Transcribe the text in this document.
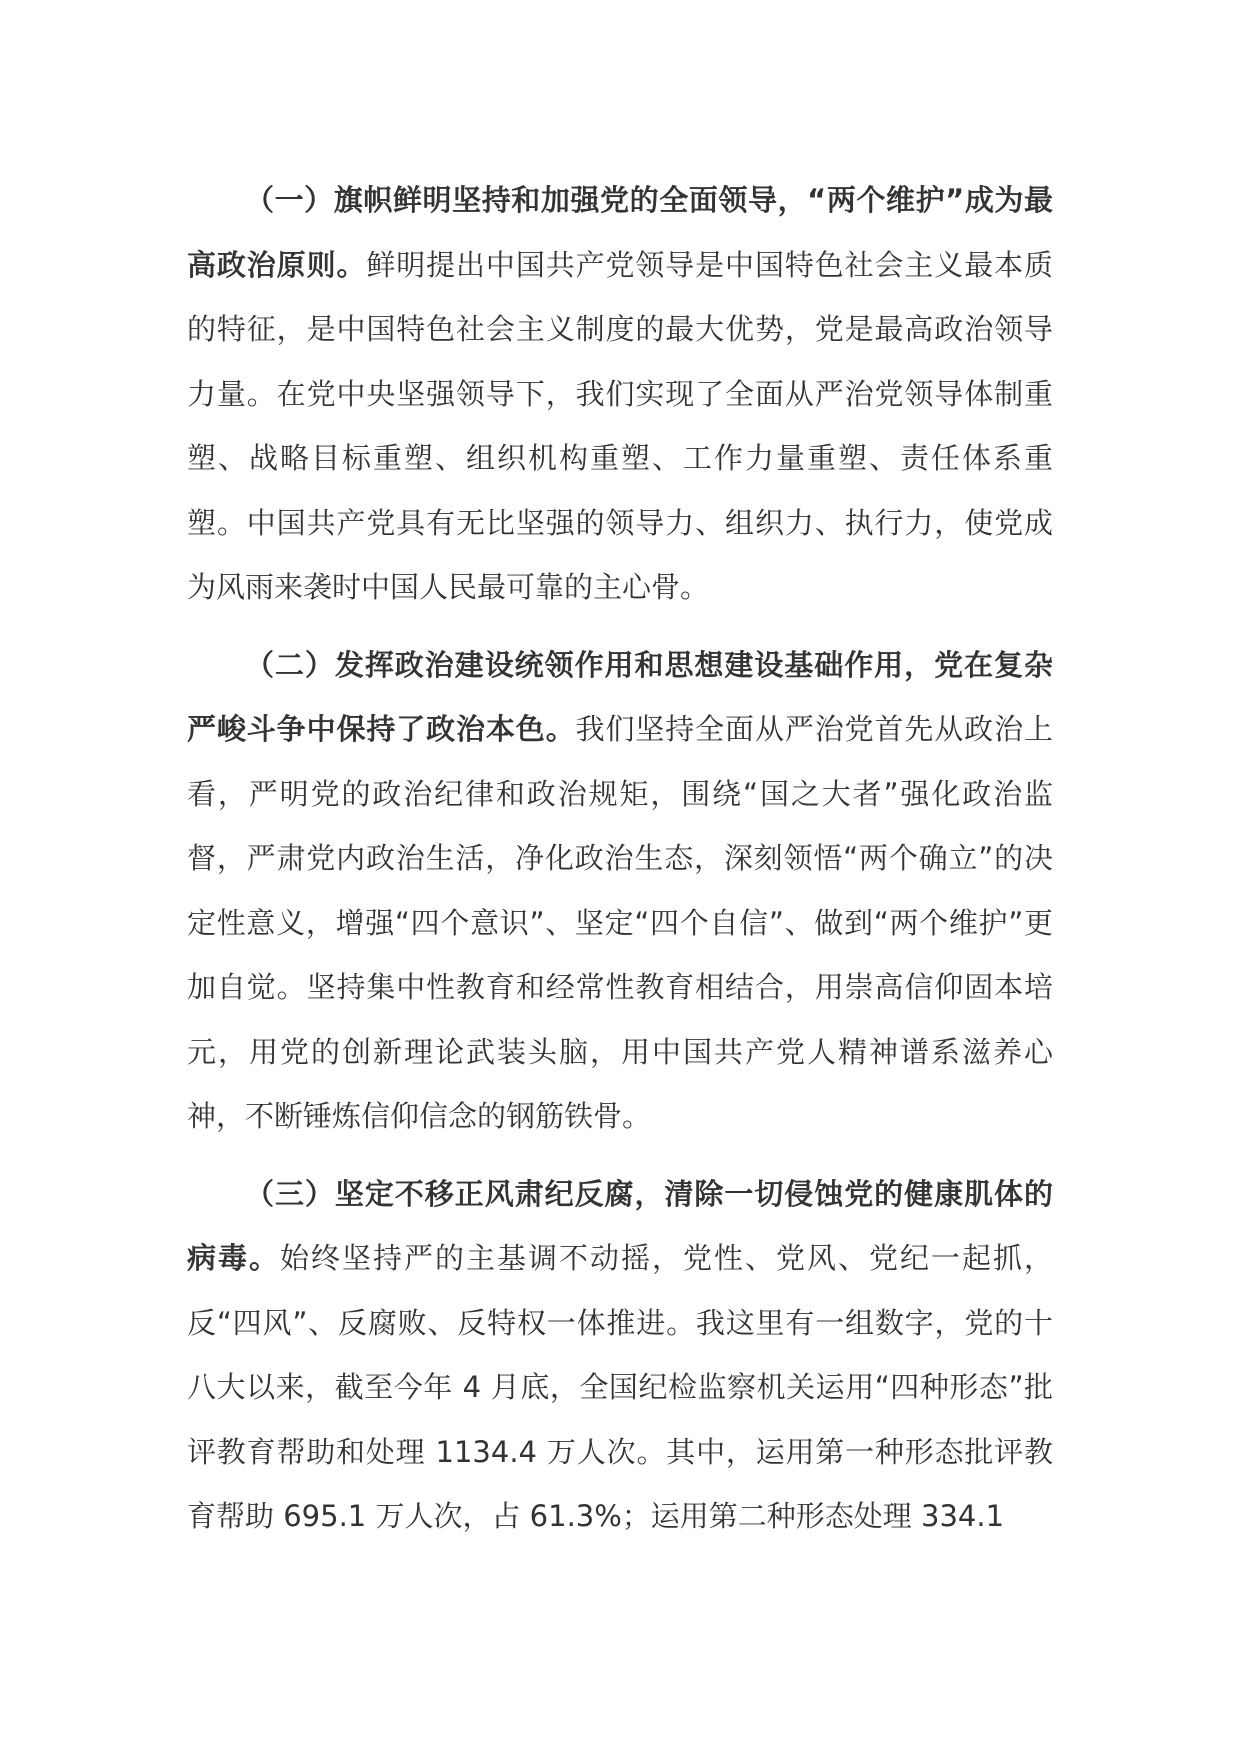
（一）旗帜鲜明坚持和加强党的全面领导，“两个维护”成为最高政治原则。鲜明提出中国共产党领导是中国特色社会主义最本质的特征，是中国特色社会主义制度的最大优势，党是最高政治领导力量。在党中央坚强领导下，我们实现了全面从严治党领导体制重塑、战略目标重塑、组织机构重塑、工作力量重塑、责任体系重塑。中国共产党具有无比坚强的领导力、组织力、执行力，使党成为风雨来袭时中国人民最可靠的主心骨。

（二）发挥政治建设统领作用和思想建设基础作用，党在复杂严峻斗争中保持了政治本色。我们坚持全面从严治党首先从政治上看，严明党的政治纪律和政治规矩，围绕“国之大者”强化政治监督，严肃党内政治生活，净化政治生态，深刻领悟“两个确立”的决定性意义，增强“四个意识”、坚定“四个自信”、做到“两个维护”更加自觉。坚持集中性教育和经常性教育相结合，用崇高信仰固本培元，用党的创新理论武装头脑，用中国共产党人精神谱系滋养心神，不断锤炼信仰信念的钢筋铁骨。

（三）坚定不移正风肃纪反腐，清除一切侵蚀党的健康肌体的病毒。始终坚持严的主基调不动摇，党性、党风、党纪一起抓，反“四风”、反腐败、反特权一体推进。我这里有一组数字，党的十八大以来，截至今年 4 月底，全国纪检监察机关运用“四种形态”批评教育帮助和处理 1134.4 万人次。其中，运用第一种形态批评教育帮助 695.1 万人次，占 61.3%；运用第二种形态处理 334.1
